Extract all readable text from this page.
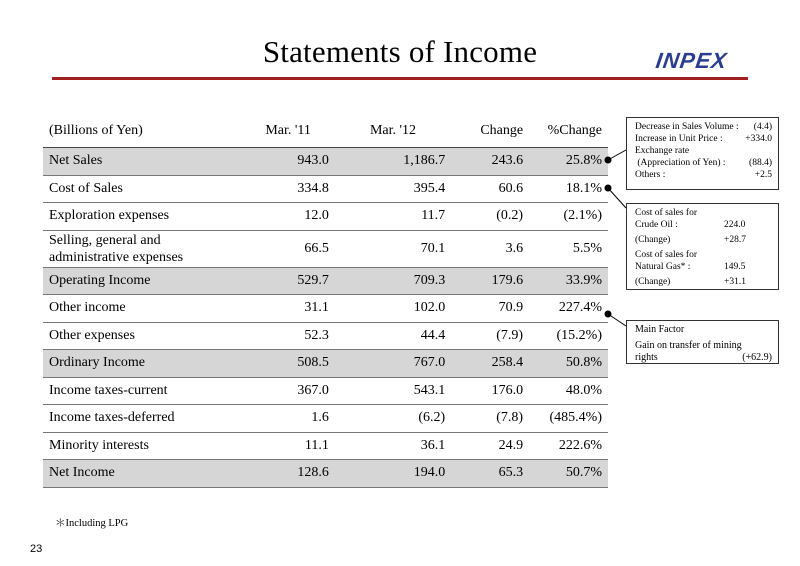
Statements of Income	INPEX
(Billions of Yen)	Mar. '11	Mar. '12	Change	%Change
Net Sales	943.0	1,186.7	243.6	25.8%
Cost of Sales	334.8	395.4	60.6	18.1%
Exploration expenses	12.0	11.7	(0.2)	(2.1%)
Selling, general and
administrative expenses	66.5	70.1	3.6	5.5%
Operating Income	529.7	709.3	179.6	33.9%
Other income	31.1	102.0	70.9	227.4%
Other expenses	52.3	44.4	(7.9)	(15.2%)
Ordinary Income	508.5	767.0	258.4	50.8%
Income taxes-current	367.0	543.1	176.0	48.0%
Income taxes-deferred	1.6	(6.2)	(7.8)	(485.4%)
Minority interests	11.1	36.1	24.9	222.6%
Net Income	128.6	194.0	65.3	50.7%
Decrease in Sales Volume : (4.4)
Increase in Unit Price : +334.0
Exchange rate
(Appreciation of Yen) : (88.4)
Others :	+2.5
Cost of sales for
Crude Oil :	224.0
(Change)	+28.7
Cost of sales for
Natural Gas* :	149.5
(Change)	+31.1
Main Factor
Gain on transfer of mining
rights	(+62.9)
＊Including LPG
23
